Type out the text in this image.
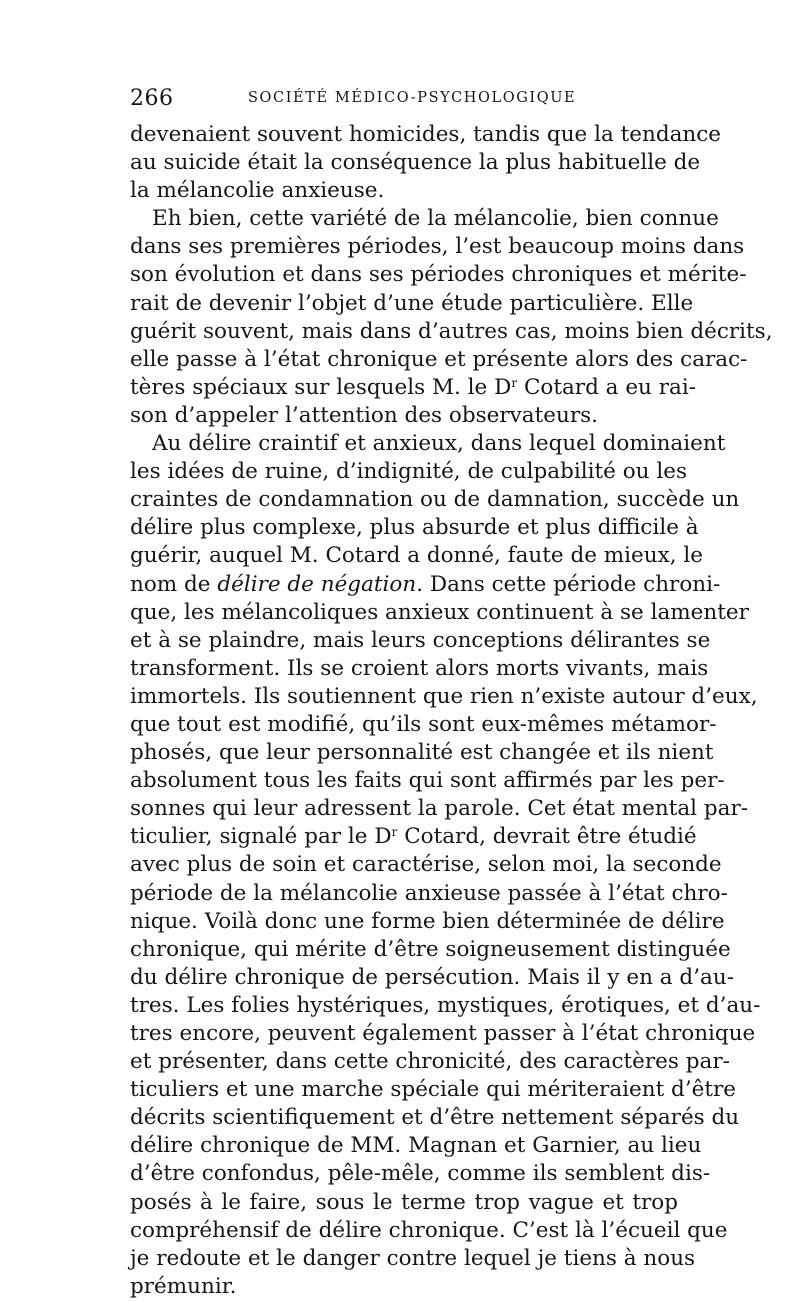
266	SOCIÉTÉ MÉDICO-PSYCHOLOGIQUE
devenaient souvent homicides, tandis que la tendance
au suicide était la conséquence la plus habituelle de
la mélancolie anxieuse.
Eh bien, cette variété de la mélancolie, bien connue
dans ses premières périodes, l’est beaucoup moins dans
son évolution et dans ses périodes chroniques et mérite-
rait de devenir l’objet d’une étude particulière. Elle
guérit souvent, mais dans d’autres cas, moins bien décrits,
elle passe à l’état chronique et présente alors des carac-
tères spéciaux sur lesquels M. le $D^r$ Cotard a eu rai-
son d’appeler l’attention des observateurs.
Au délire craintif et anxieux, dans lequel dominaient
les idées de ruine, d’indignité, de culpabilité ou les
craintes de condamnation ou de damnation, succède un
délire plus complexe, plus absurde et plus difficile à
guérir, auquel M. Cotard a donné, faute de mieux, le
nom de délire de négation. Dans cette période chroni-
que, les mélancoliques anxieux continuent à se lamenter
et à se plaindre, mais leurs conceptions délirantes se
transforment. Ils se croient alors morts vivants, mais
immortels. Ils soutiennent que rien n’existe autour d’eux,
que tout est modifié, qu’ils sont eux-mêmes métamor-
phosés, que leur personnalité est changée et ils nient
absolument tous les faits qui sont affirmés par les per-
sonnes qui leur adressent la parole. Cet état mental par-
ticulier, signalé par le $D^r$ Cotard, devrait être étudié
avec plus de soin et caractérise, selon moi, la seconde
période de la mélancolie anxieuse passée à l’état chro-
nique. Voilà donc une forme bien déterminée de délire
chronique, qui mérite d’être soigneusement distinguée
du délire chronique de persécution. Mais il y en a d’au-
tres. Les folies hystériques, mystiques, érotiques, et d’au-
tres encore, peuvent également passer à l’état chronique
et présenter, dans cette chronicité, des caractères par-
ticuliers et une marche spéciale qui mériteraient d’être
décrits scientifiquement et d’être nettement séparés du
délire chronique de MM. Magnan et Garnier, au lieu
d’être confondus, pêle-mêle, comme ils semblent dis-
posés à le faire, sous le terme trop vague et trop
compréhensif de délire chronique. C’est là l’écueil que
je redoute et le danger contre lequel je tiens à nous
prémunir.
